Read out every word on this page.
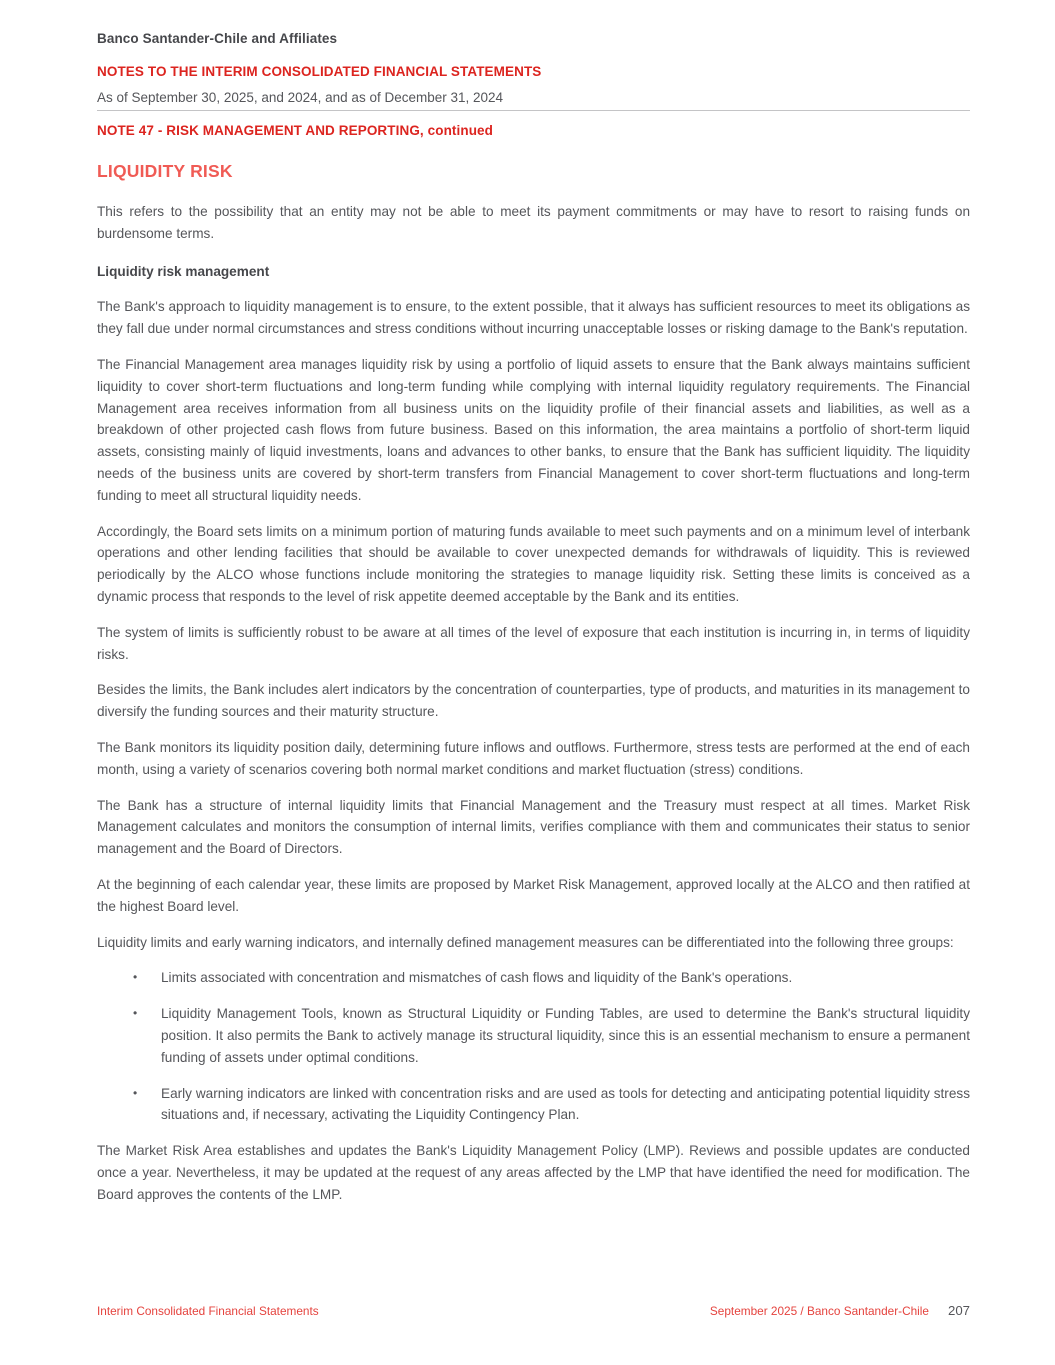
Banco Santander-Chile and Affiliates
NOTES TO THE INTERIM CONSOLIDATED FINANCIAL STATEMENTS
As of September 30, 2025, and 2024, and as of December 31, 2024
NOTE 47 - RISK MANAGEMENT AND REPORTING, continued
LIQUIDITY RISK

This refers to the possibility that an entity may not be able to meet its payment commitments or may have to resort to raising funds on burdensome terms.

Liquidity risk management

The Bank's approach to liquidity management is to ensure, to the extent possible, that it always has sufficient resources to meet its obligations as they fall due under normal circumstances and stress conditions without incurring unacceptable losses or risking damage to the Bank's reputation.

The Financial Management area manages liquidity risk by using a portfolio of liquid assets to ensure that the Bank always maintains sufficient liquidity to cover short-term fluctuations and long-term funding while complying with internal liquidity regulatory requirements. The Financial Management area receives information from all business units on the liquidity profile of their financial assets and liabilities, as well as a breakdown of other projected cash flows from future business. Based on this information, the area maintains a portfolio of short-term liquid assets, consisting mainly of liquid investments, loans and advances to other banks, to ensure that the Bank has sufficient liquidity. The liquidity needs of the business units are covered by short-term transfers from Financial Management to cover short-term fluctuations and long-term funding to meet all structural liquidity needs.

Accordingly, the Board sets limits on a minimum portion of maturing funds available to meet such payments and on a minimum level of interbank operations and other lending facilities that should be available to cover unexpected demands for withdrawals of liquidity. This is reviewed periodically by the ALCO whose functions include monitoring the strategies to manage liquidity risk. Setting these limits is conceived as a dynamic process that responds to the level of risk appetite deemed acceptable by the Bank and its entities.

The system of limits is sufficiently robust to be aware at all times of the level of exposure that each institution is incurring in, in terms of liquidity risks.

Besides the limits, the Bank includes alert indicators by the concentration of counterparties, type of products, and maturities in its management to diversify the funding sources and their maturity structure.

The Bank monitors its liquidity position daily, determining future inflows and outflows. Furthermore, stress tests are performed at the end of each month, using a variety of scenarios covering both normal market conditions and market fluctuation (stress) conditions.

The Bank has a structure of internal liquidity limits that Financial Management and the Treasury must respect at all times. Market Risk Management calculates and monitors the consumption of internal limits, verifies compliance with them and communicates their status to senior management and the Board of Directors.

At the beginning of each calendar year, these limits are proposed by Market Risk Management, approved locally at the ALCO and then ratified at the highest Board level.

Liquidity limits and early warning indicators, and internally defined management measures can be differentiated into the following three groups:

• Limits associated with concentration and mismatches of cash flows and liquidity of the Bank's operations.
• Liquidity Management Tools, known as Structural Liquidity or Funding Tables, are used to determine the Bank's structural liquidity position. It also permits the Bank to actively manage its structural liquidity, since this is an essential mechanism to ensure a permanent funding of assets under optimal conditions.
• Early warning indicators are linked with concentration risks and are used as tools for detecting and anticipating potential liquidity stress situations and, if necessary, activating the Liquidity Contingency Plan.

The Market Risk Area establishes and updates the Bank's Liquidity Management Policy (LMP). Reviews and possible updates are conducted once a year. Nevertheless, it may be updated at the request of any areas affected by the LMP that have identified the need for modification. The Board approves the contents of the LMP.

Interim Consolidated Financial Statements	September 2025 / Banco Santander-Chile 207
